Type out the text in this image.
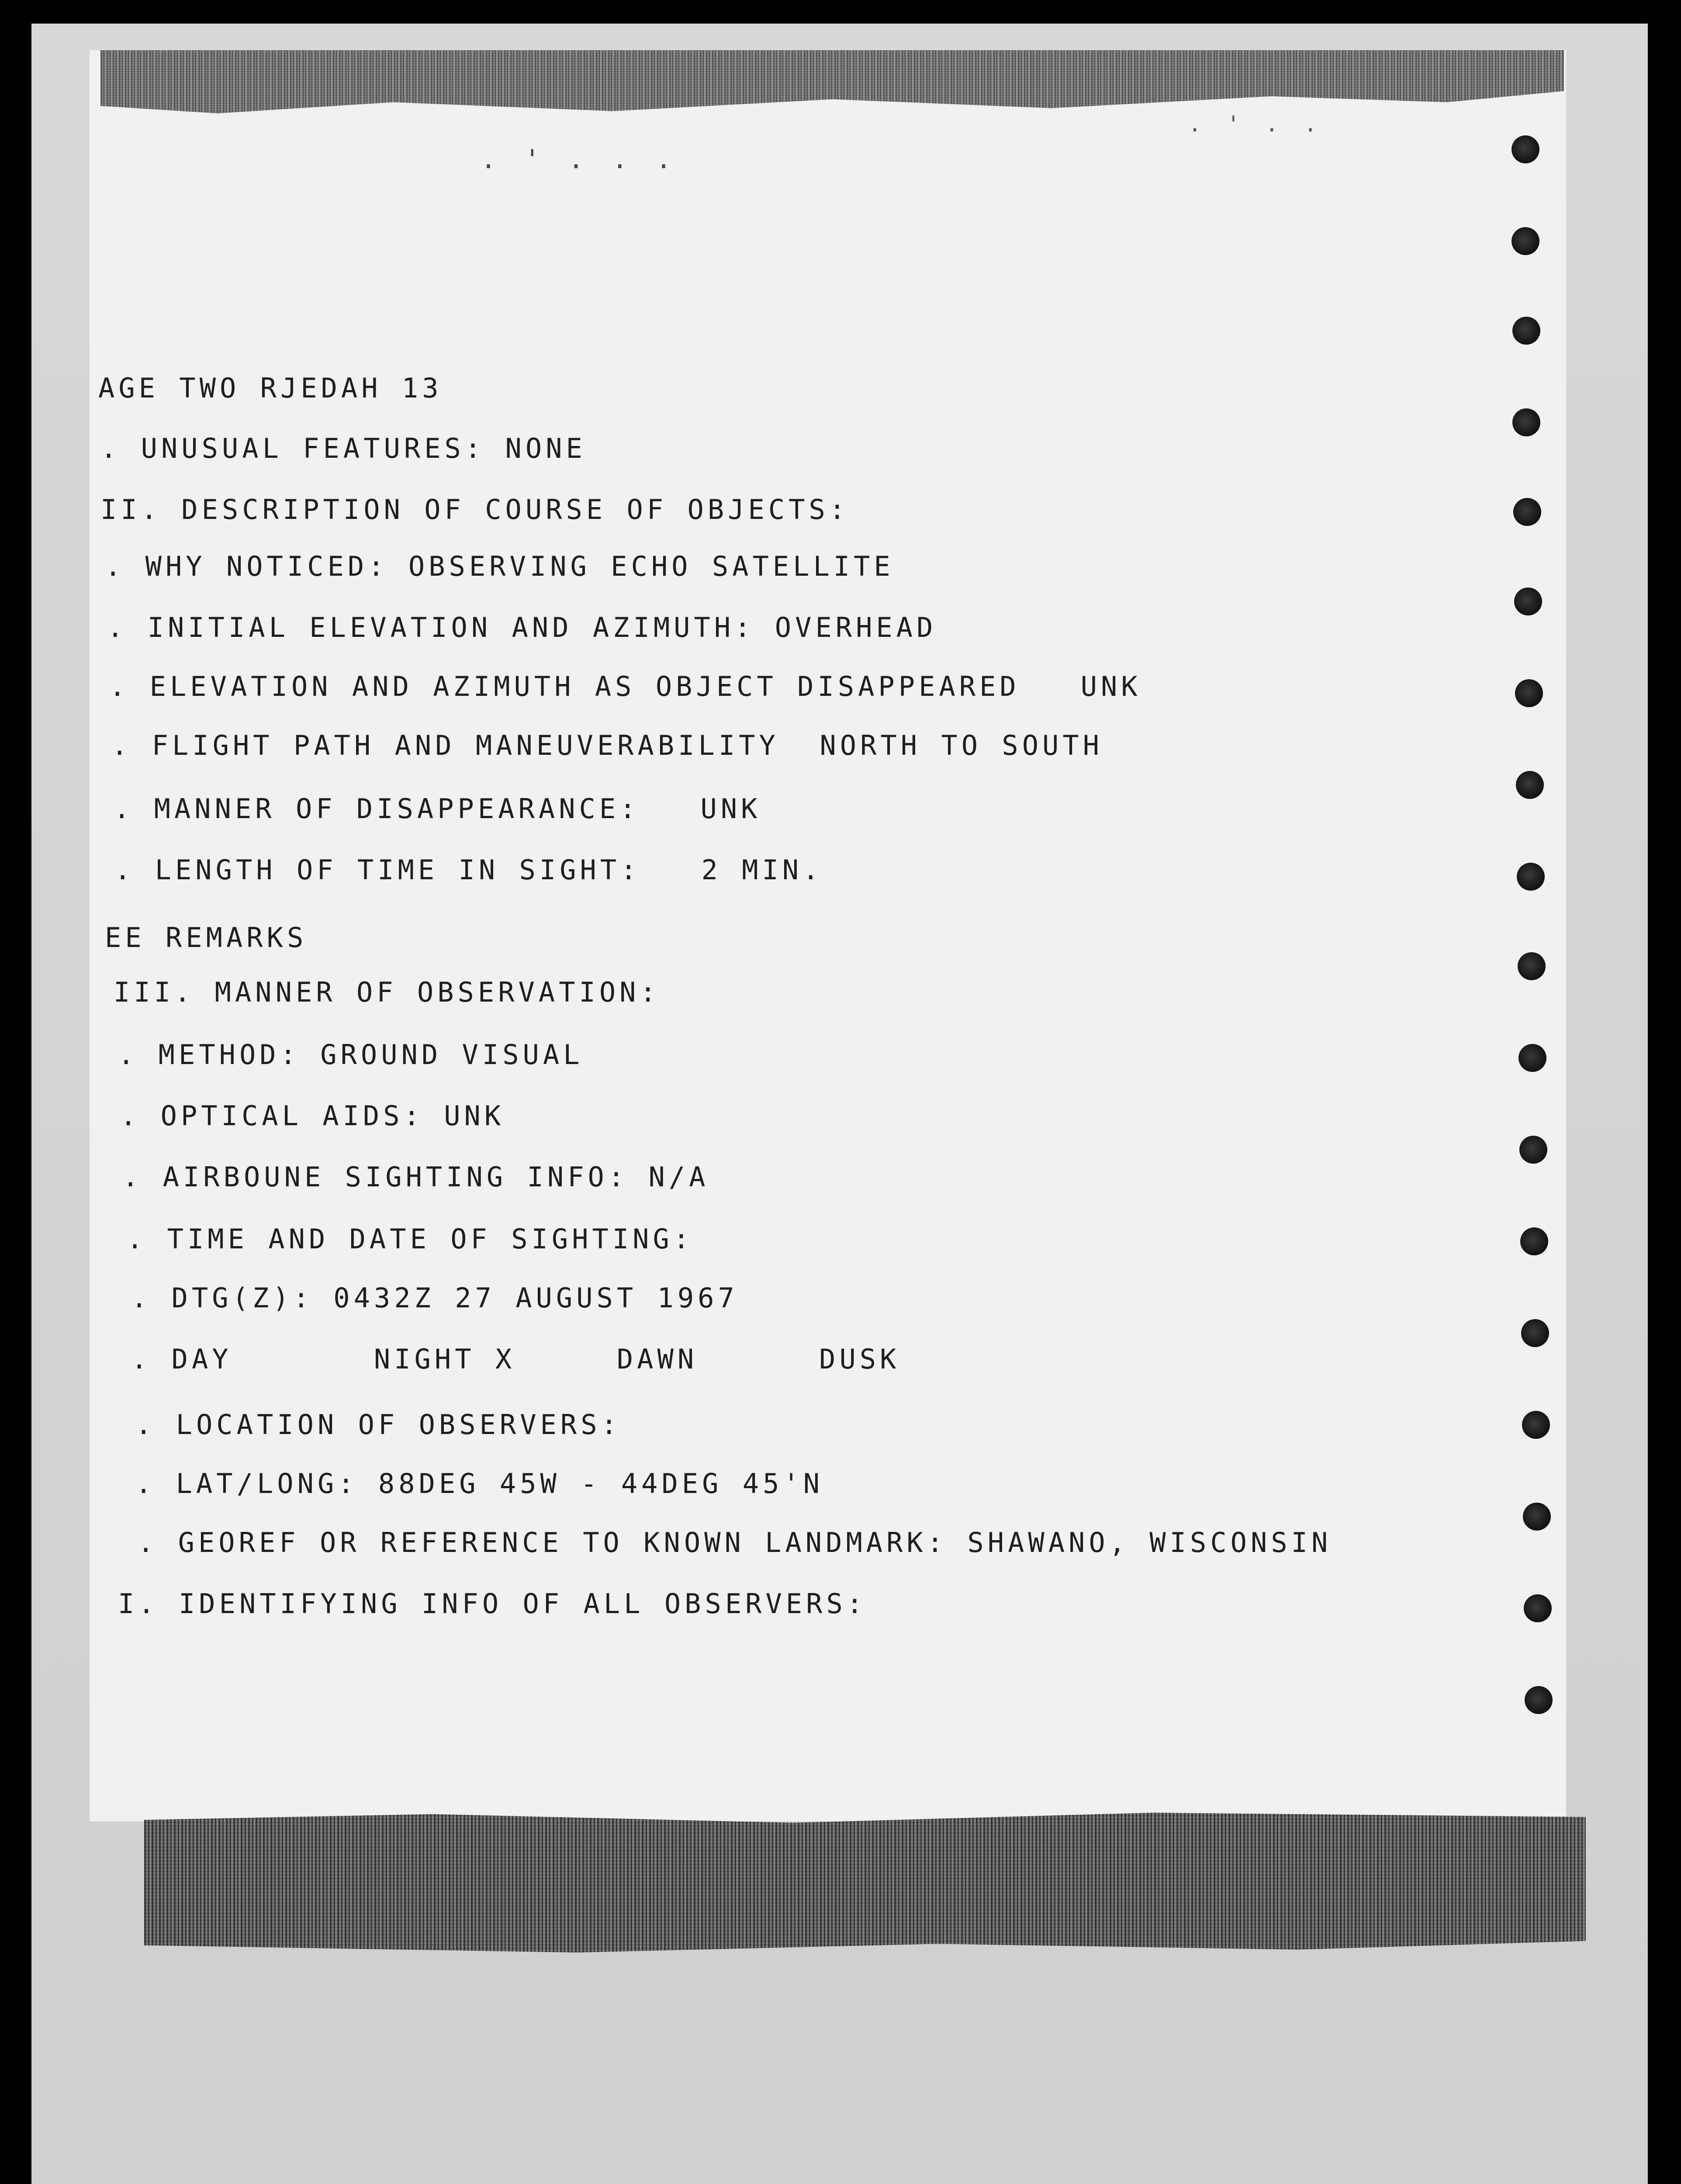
. ' . . .
. ' . .
AGE TWO RJEDAH 13
. UNUSUAL FEATURES: NONE
II. DESCRIPTION OF COURSE OF OBJECTS:
. WHY NOTICED: OBSERVING ECHO SATELLITE
. INITIAL ELEVATION AND AZIMUTH: OVERHEAD
. ELEVATION AND AZIMUTH AS OBJECT DISAPPEARED   UNK
. FLIGHT PATH AND MANEUVERABILITY  NORTH TO SOUTH
. MANNER OF DISAPPEARANCE:   UNK
. LENGTH OF TIME IN SIGHT:   2 MIN.
EE REMARKS
III. MANNER OF OBSERVATION:
. METHOD: GROUND VISUAL
. OPTICAL AIDS: UNK
. AIRBOUNE SIGHTING INFO: N/A
. TIME AND DATE OF SIGHTING:
. DTG(Z): 0432Z 27 AUGUST 1967
. DAY       NIGHT X     DAWN      DUSK
. LOCATION OF OBSERVERS:
. LAT/LONG: 88DEG 45W - 44DEG 45'N
. GEOREF OR REFERENCE TO KNOWN LANDMARK: SHAWANO, WISCONSIN
I. IDENTIFYING INFO OF ALL OBSERVERS:
